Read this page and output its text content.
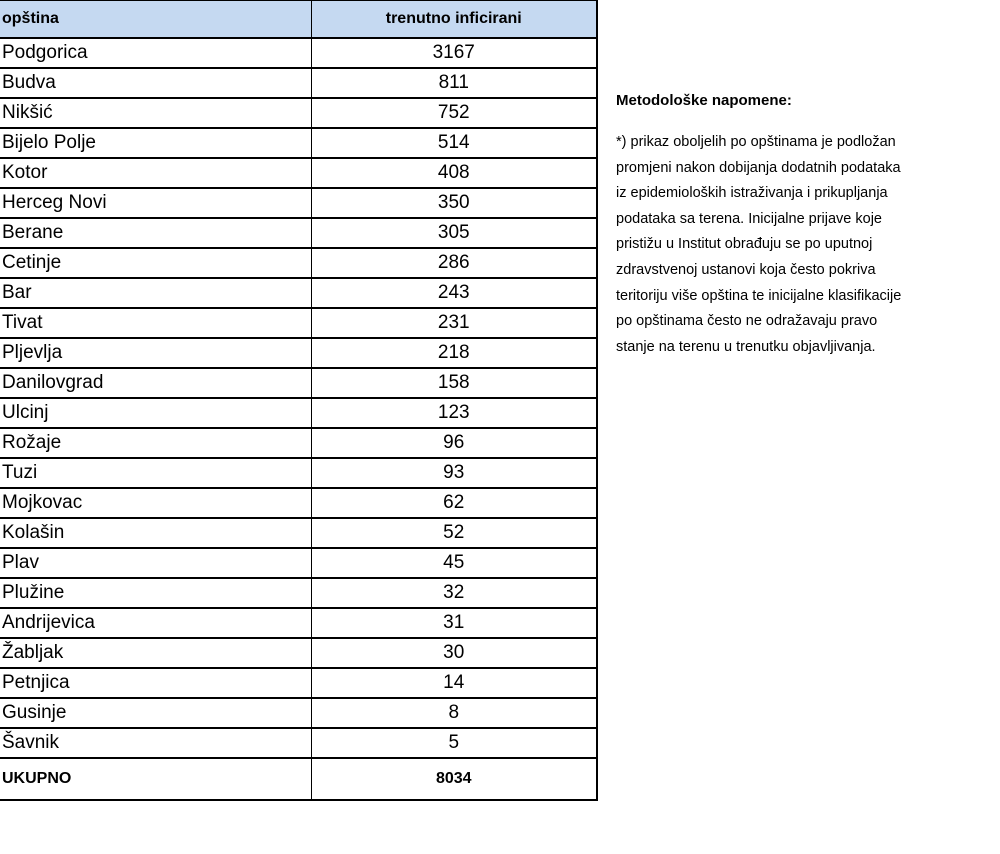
opština	trenutno inficirani
Podgorica	3167
Budva	811
Nikšić	752
Bijelo Polje	514
Kotor	408
Herceg Novi	350
Berane	305
Cetinje	286
Bar	243
Tivat	231
Pljevlja	218
Danilovgrad	158
Ulcinj	123
Rožaje	96
Tuzi	93
Mojkovac	62
Kolašin	52
Plav	45
Plužine	32
Andrijevica	31
Žabljak	30
Petnjica	14
Gusinje	8
Šavnik	5
UKUPNO	8034

Metodološke napomene:

*) prikaz oboljelih po opštinama je podložan
promjeni nakon dobijanja dodatnih podataka
iz epidemioloških istraživanja i prikupljanja
podataka sa terena. Inicijalne prijave koje
pristižu u Institut obrađuju se po uputnoj
zdravstvenoj ustanovi koja često pokriva
teritoriju više opština te inicijalne klasifikacije
po opštinama često ne odražavaju pravo
stanje na terenu u trenutku objavljivanja.
